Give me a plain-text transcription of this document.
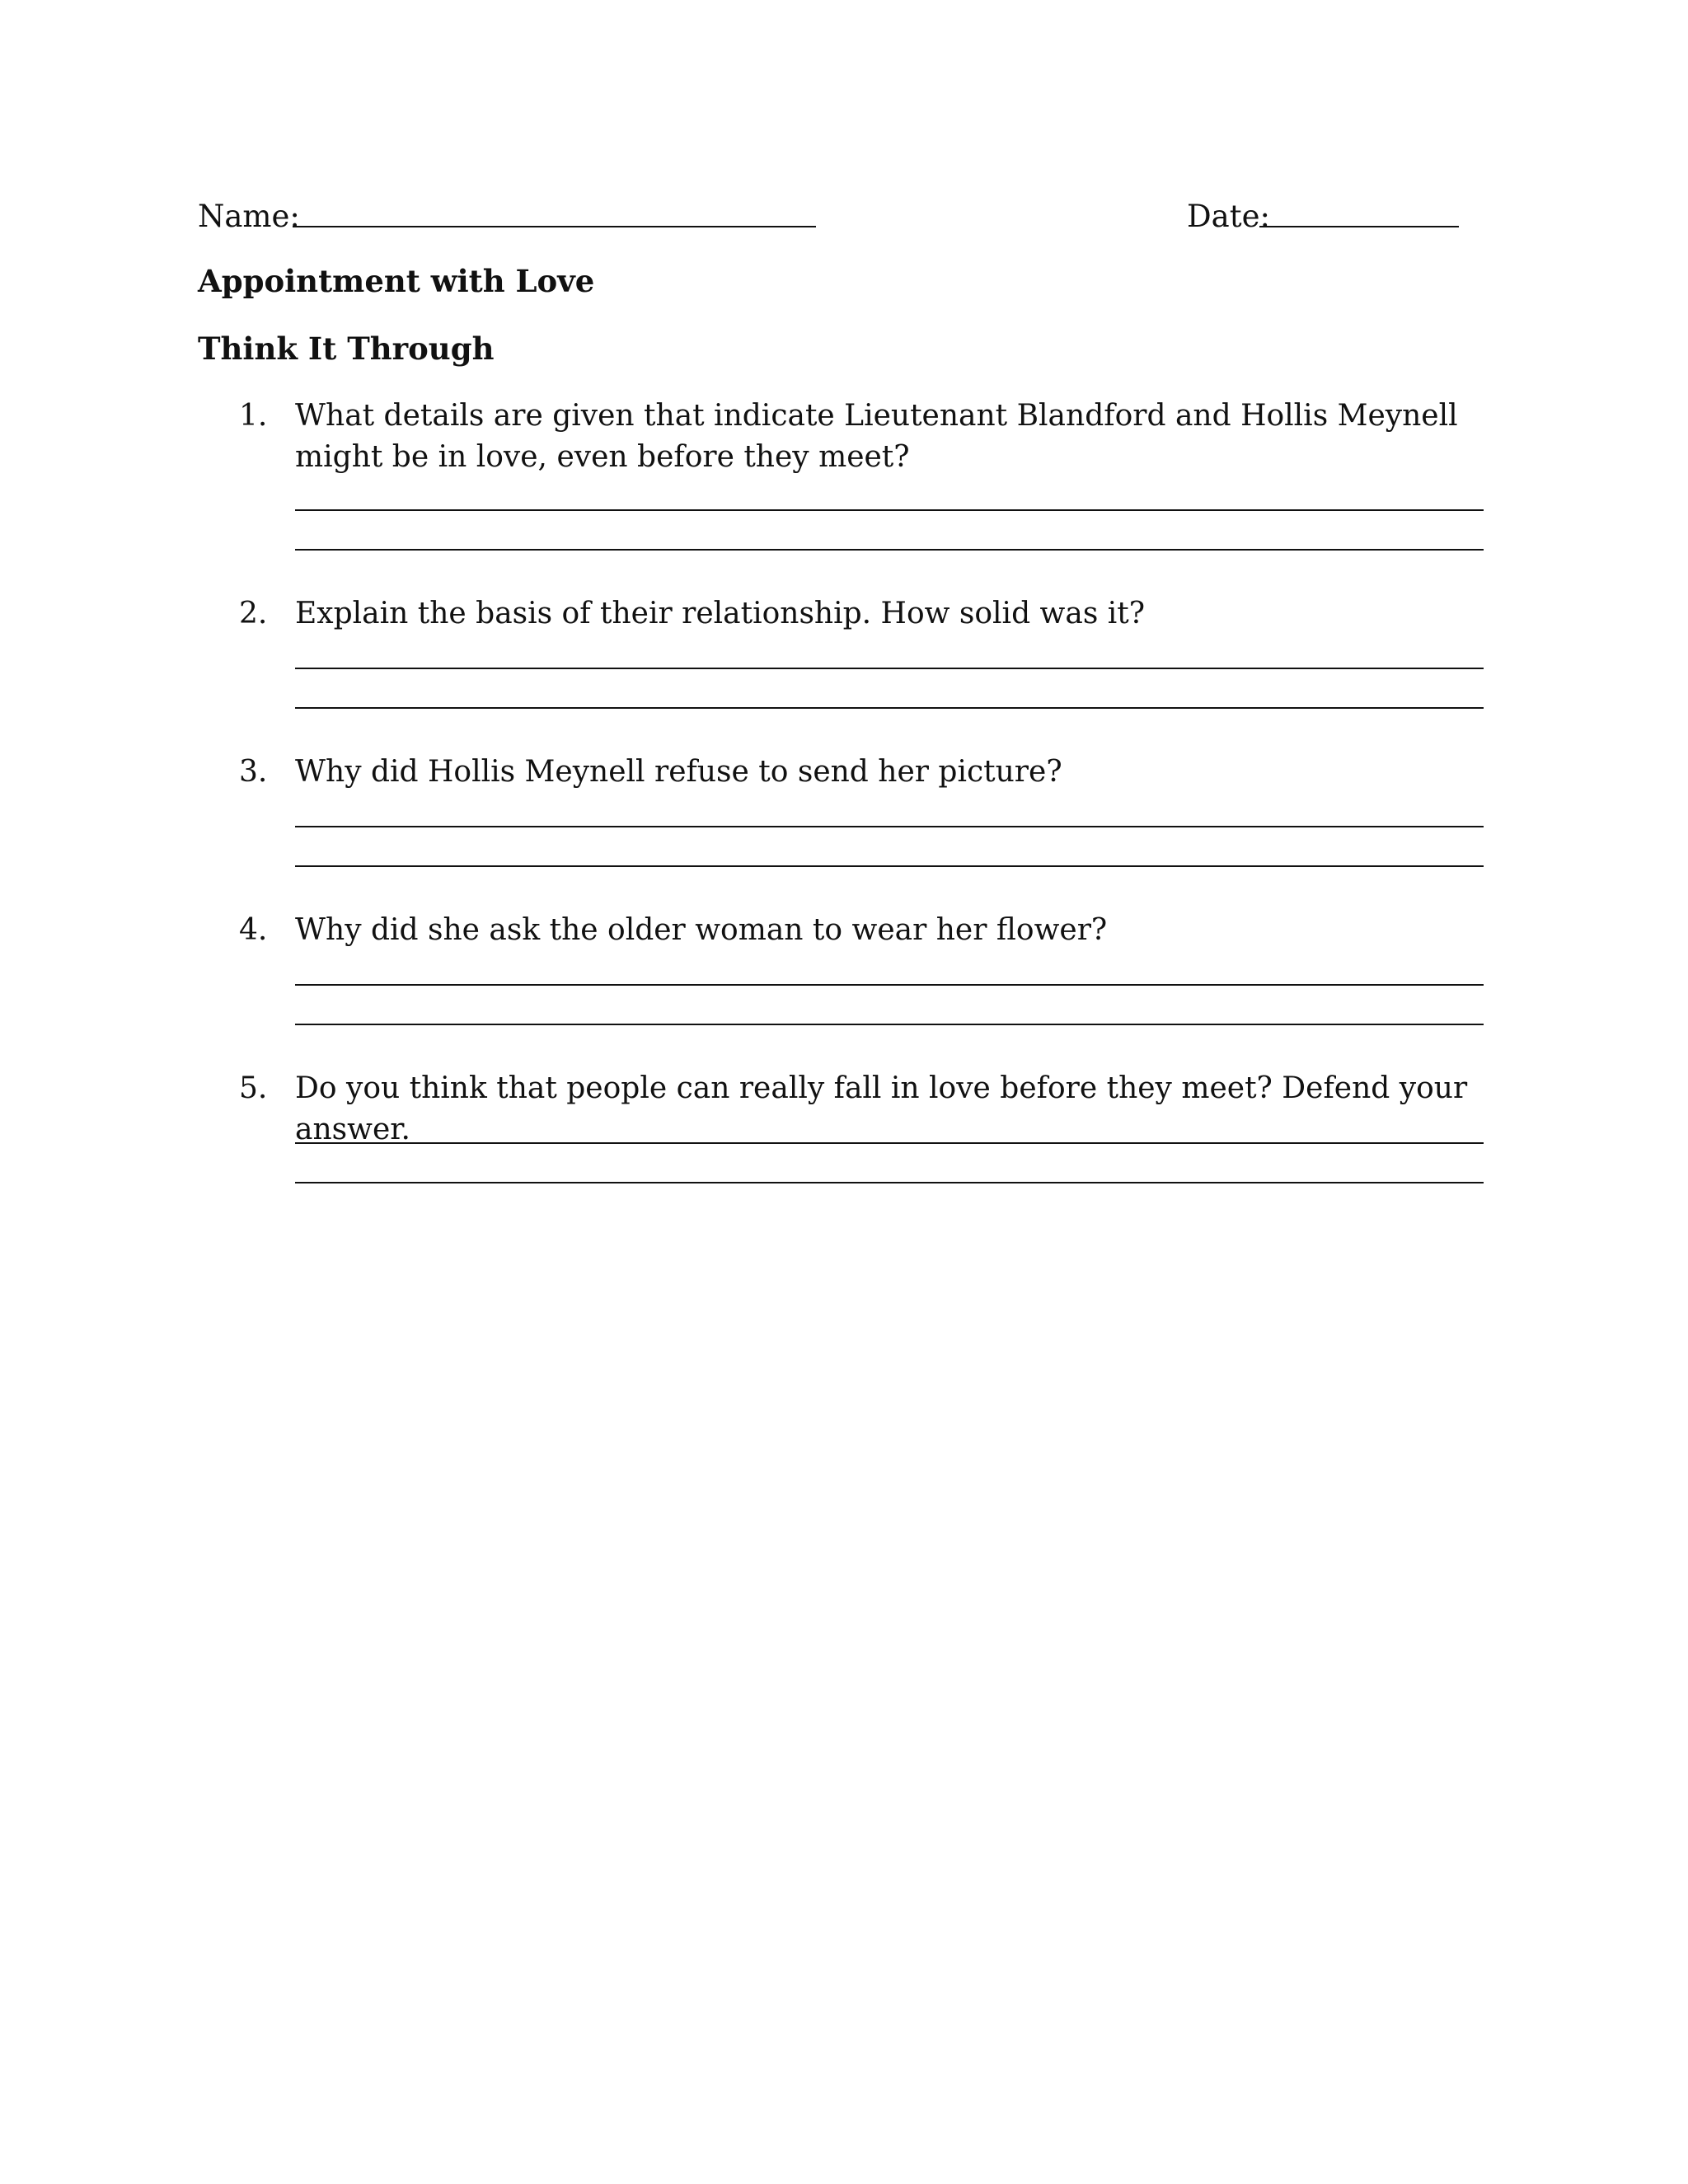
Name:	Date:
Appointment with Love
Think It Through
1. What details are given that indicate Lieutenant Blandford and Hollis Meynell might be in love, even before they meet?
2. Explain the basis of their relationship. How solid was it?
3. Why did Hollis Meynell refuse to send her picture?
4. Why did she ask the older woman to wear her flower?
5. Do you think that people can really fall in love before they meet? Defend your answer.
